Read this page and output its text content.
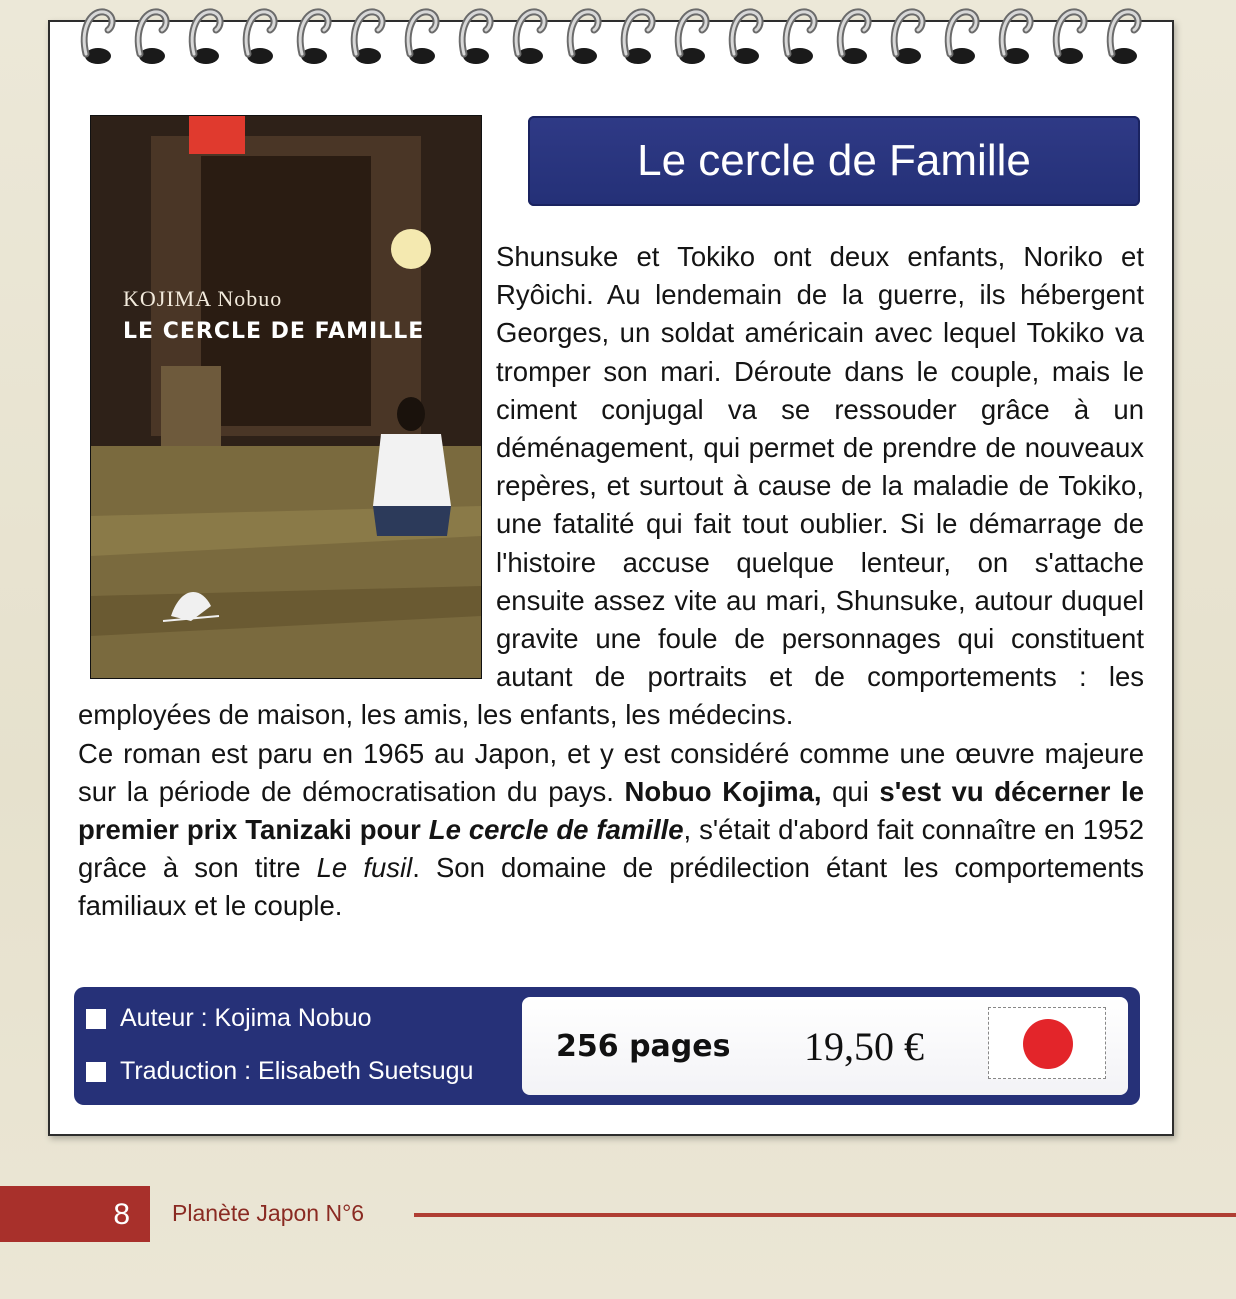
KOJIMA Nobuo
LE CERCLE DE FAMILLE
Le cercle de Famille

Shunsuke et Tokiko ont deux enfants, Noriko et Ryôichi. Au lendemain de la guerre, ils hébergent Georges, un soldat américain avec lequel Tokiko va tromper son mari. Déroute dans le couple, mais le ciment conjugal va se ressouder grâce à un déménagement, qui permet de prendre de nouveaux repères, et surtout à cause de la maladie de Tokiko, une fatalité qui fait tout oublier. Si le démarrage de l'histoire accuse quelque lenteur, on s'attache ensuite assez vite au mari, Shunsuke, autour duquel gravite une foule de personnages qui constituent autant de portraits et de comportements : les employées de maison, les amis, les enfants, les médecins.

Ce roman est paru en 1965 au Japon, et y est considéré comme une œuvre majeure sur la période de démocratisation du pays. Nobuo Kojima, qui s'est vu décerner le premier prix Tanizaki pour Le cercle de famille, s'était d'abord fait connaître en 1952 grâce à son titre Le fusil. Son domaine de prédilection étant les comportements familiaux et le couple.

Auteur : Kojima Nobuo
Traduction : Elisabeth Suetsugu
256 pages 19,50 €
8 Planète Japon N°6
